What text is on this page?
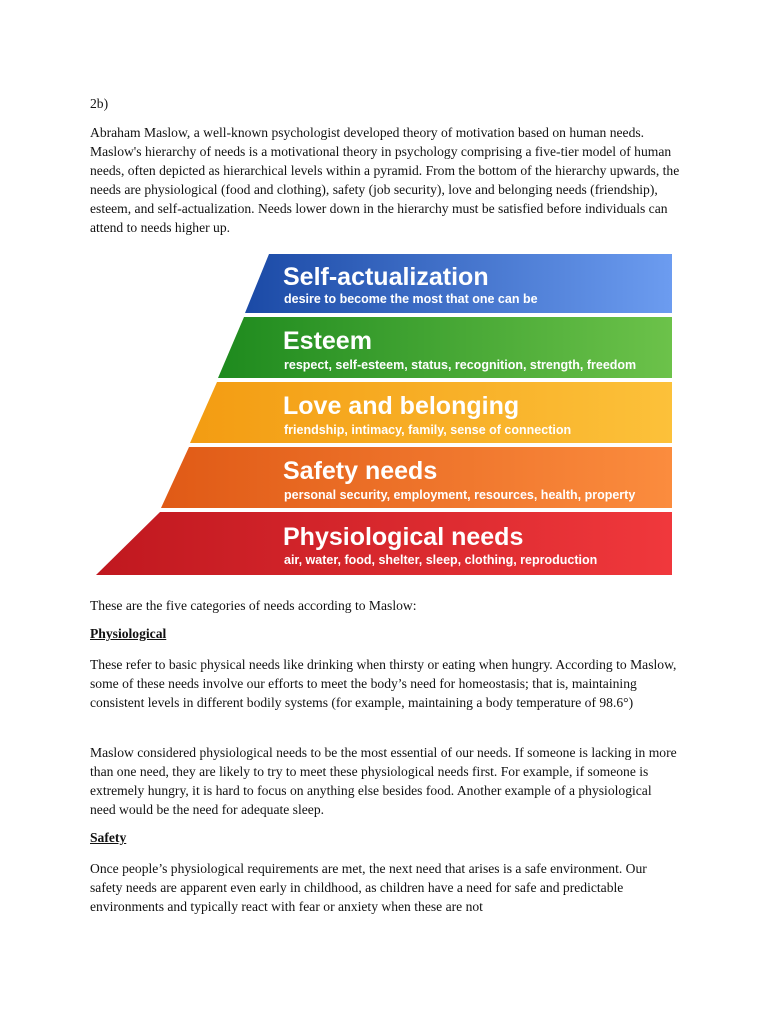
2b)

Abraham Maslow, a well-known psychologist developed theory of motivation based on human needs. Maslow's hierarchy of needs is a motivational theory in psychology comprising a five-tier model of human needs, often depicted as hierarchical levels within a pyramid. From the bottom of the hierarchy upwards, the needs are physiological (food and clothing), safety (job security), love and belonging needs (friendship), esteem, and self-actualization. Needs lower down in the hierarchy must be satisfied before individuals can attend to needs higher up.

Self-actualization
desire to become the most that one can be
Esteem
respect, self-esteem, status, recognition, strength, freedom
Love and belonging
friendship, intimacy, family, sense of connection
Safety needs
personal security, employment, resources, health, property
Physiological needs
air, water, food, shelter, sleep, clothing, reproduction

These are the five categories of needs according to Maslow:

Physiological

These refer to basic physical needs like drinking when thirsty or eating when hungry. According to Maslow, some of these needs involve our efforts to meet the body’s need for homeostasis; that is, maintaining consistent levels in different bodily systems (for example, maintaining a body temperature of 98.6°)

Maslow considered physiological needs to be the most essential of our needs. If someone is lacking in more than one need, they are likely to try to meet these physiological needs first. For example, if someone is extremely hungry, it is hard to focus on anything else besides food. Another example of a physiological need would be the need for adequate sleep.

Safety

Once people’s physiological requirements are met, the next need that arises is a safe environment. Our safety needs are apparent even early in childhood, as children have a need for safe and predictable environments and typically react with fear or anxiety when these are not
